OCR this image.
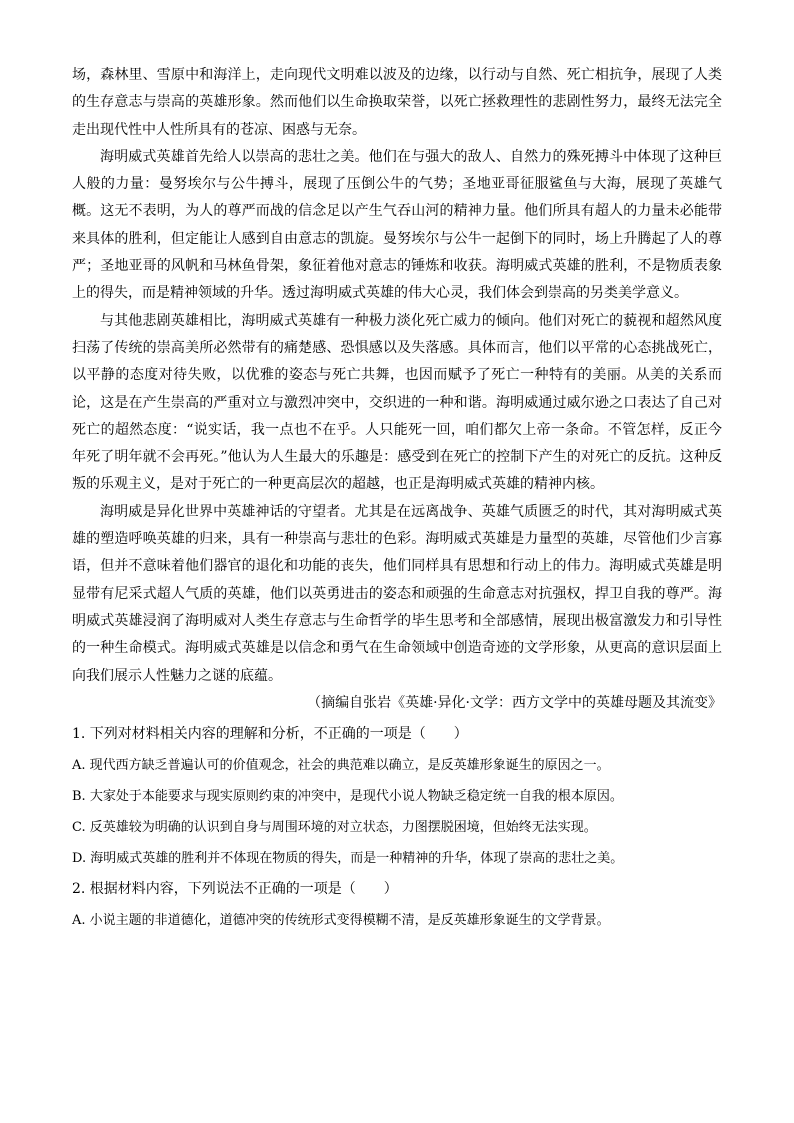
场，森林里、雪原中和海洋上，走向现代文明难以波及的边缘，以行动与自然、死亡相抗争，展现了人类的生存意志与崇高的英雄形象。然而他们以生命换取荣誉，以死亡拯救理性的悲剧性努力，最终无法完全走出现代性中人性所具有的苍凉、困惑与无奈。

海明威式英雄首先给人以崇高的悲壮之美。他们在与强大的敌人、自然力的殊死搏斗中体现了这种巨人般的力量：曼努埃尔与公牛搏斗，展现了压倒公牛的气势；圣地亚哥征服鲨鱼与大海，展现了英雄气概。这无不表明，为人的尊严而战的信念足以产生气吞山河的精神力量。他们所具有超人的力量未必能带来具体的胜利，但定能让人感到自由意志的凯旋。曼努埃尔与公牛一起倒下的同时，场上升腾起了人的尊严；圣地亚哥的风帆和马林鱼骨架，象征着他对意志的锤炼和收获。海明威式英雄的胜利，不是物质表象上的得失，而是精神领域的升华。透过海明威式英雄的伟大心灵，我们体会到崇高的另类美学意义。

与其他悲剧英雄相比，海明威式英雄有一种极力淡化死亡威力的倾向。他们对死亡的藐视和超然风度扫荡了传统的崇高美所必然带有的痛楚感、恐惧感以及失落感。具体而言，他们以平常的心态挑战死亡，以平静的态度对待失败，以优雅的姿态与死亡共舞，也因而赋予了死亡一种特有的美丽。从美的关系而论，这是在产生崇高的严重对立与激烈冲突中，交织进的一种和谐。海明威通过威尔逊之口表达了自己对死亡的超然态度：“说实话，我一点也不在乎。人只能死一回，咱们都欠上帝一条命。不管怎样，反正今年死了明年就不会再死。”他认为人生最大的乐趣是：感受到在死亡的控制下产生的对死亡的反抗。这种反叛的乐观主义，是对于死亡的一种更高层次的超越，也正是海明威式英雄的精神内核。

海明威是异化世界中英雄神话的守望者。尤其是在远离战争、英雄气质匮乏的时代，其对海明威式英雄的塑造呼唤英雄的归来，具有一种崇高与悲壮的色彩。海明威式英雄是力量型的英雄，尽管他们少言寡语，但并不意味着他们器官的退化和功能的丧失，他们同样具有思想和行动上的伟力。海明威式英雄是明显带有尼采式超人气质的英雄，他们以英勇进击的姿态和顽强的生命意志对抗强权，捍卫自我的尊严。海明威式英雄浸润了海明威对人类生存意志与生命哲学的毕生思考和全部感情，展现出极富激发力和引导性的一种生命模式。海明威式英雄是以信念和勇气在生命领域中创造奇迹的文学形象，从更高的意识层面上向我们展示人性魅力之谜的底蕴。

（摘编自张岩《英雄·异化·文学：西方文学中的英雄母题及其流变》

1. 下列对材料相关内容的理解和分析，不正确的一项是（　　）

A. 现代西方缺乏普遍认可的价值观念，社会的典范难以确立，是反英雄形象诞生的原因之一。

B. 大家处于本能要求与现实原则约束的冲突中，是现代小说人物缺乏稳定统一自我的根本原因。

C. 反英雄较为明确的认识到自身与周围环境的对立状态，力图摆脱困境，但始终无法实现。

D. 海明威式英雄的胜利并不体现在物质的得失，而是一种精神的升华，体现了崇高的悲壮之美。

2. 根据材料内容，下列说法不正确的一项是（　　）

A. 小说主题的非道德化，道德冲突的传统形式变得模糊不清，是反英雄形象诞生的文学背景。
